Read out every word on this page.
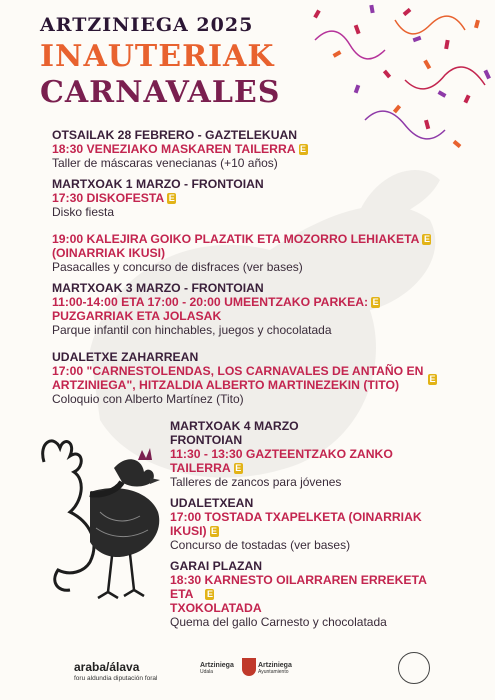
ARTZINIEGA 2025
INAUTERIAK
CARNAVALES
OTSAILAK 28 FEBRERO - GAZTELEKUAN
18:30 VENEZIAKO MASKAREN TAILERRA E
Taller de máscaras venecianas (+10 años)
MARTXOAK 1 MARZO - FRONTOIAN
17:30 DISKOFESTA E
Disko fiesta
19:00 KALEJIRA GOIKO PLAZATIK ETA MOZORRO LEHIAKETA E
(OINARRIAK IKUSI)
Pasacalles y concurso de disfraces (ver bases)
MARTXOAK 3 MARZO - FRONTOIAN
11:00-14:00 ETA 17:00 - 20:00 UMEENTZAKO PARKEA: E
PUZGARRIAK ETA JOLASAK
Parque infantil con hinchables, juegos y chocolatada
UDALETXE ZAHARREAN
17:00 "CARNESTOLENDAS, LOS CARNAVALES DE ANTAÑO EN
E
ARTZINIEGA", HITZALDIA ALBERTO MARTINEZEKIN (TITO)
Coloquio con Alberto Martínez (Tito)
MARTXOAK 4 MARZO
FRONTOIAN
11:30 - 13:30 GAZTEENTZAKO ZANKO TAILERRA E
Talleres de zancos para jóvenes
UDALETXEAN
17:00 TOSTADA TXAPELKETA (OINARRIAK IKUSI) E
Concurso de tostadas (ver bases)
GARAI PLAZAN
18:30 KARNESTO OILARRAREN ERREKETA ETA E
TXOKOLATADA
Quema del gallo Carnesto y chocolatada
araba/álava
foru aldundia diputación foral
Artziniega
Udala
Artziniega
Ayuntamiento
